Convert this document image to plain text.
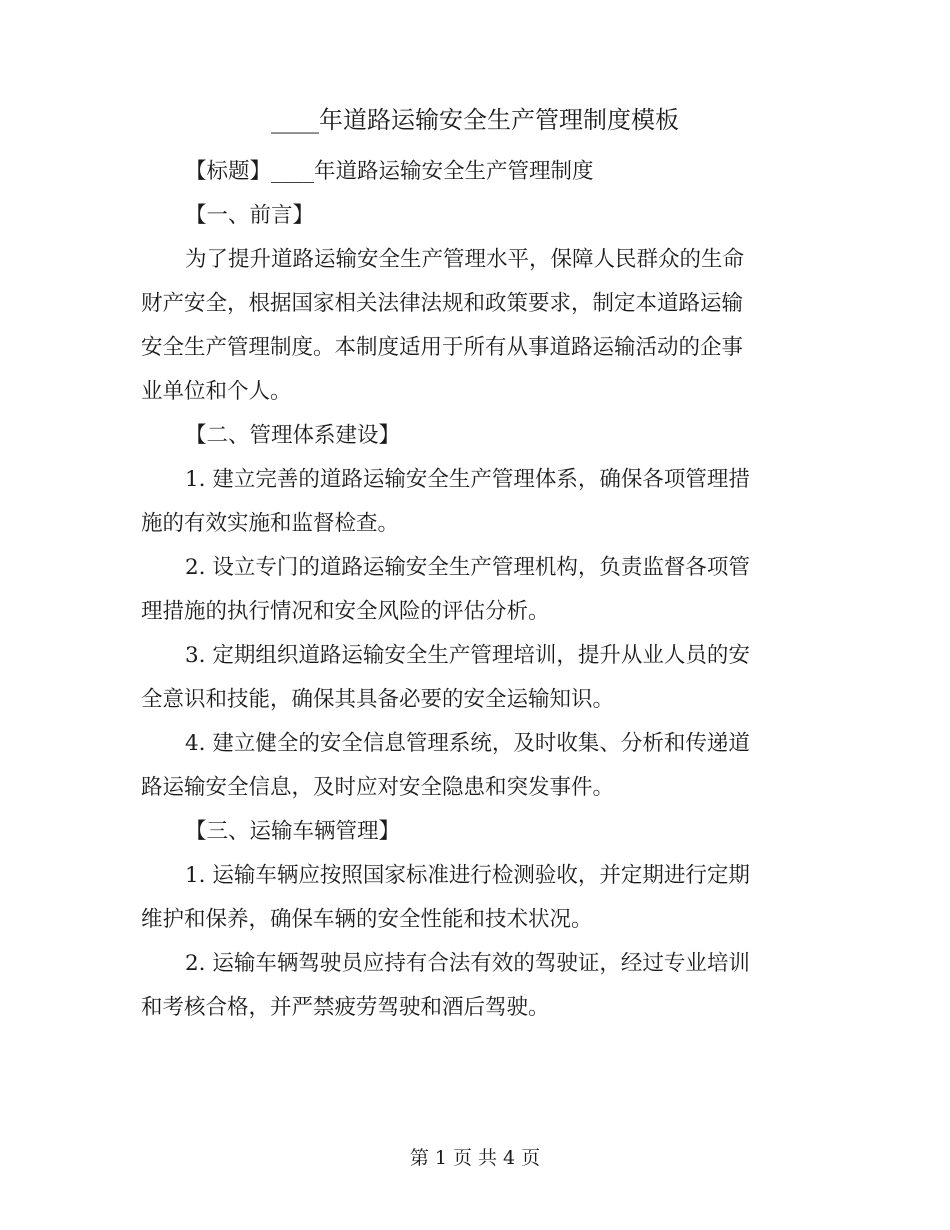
____年道路运输安全生产管理制度模板
【标题】____年道路运输安全生产管理制度
【一、前言】
为了提升道路运输安全生产管理水平，保障人民群众的生命
财产安全，根据国家相关法律法规和政策要求，制定本道路运输
安全生产管理制度。本制度适用于所有从事道路运输活动的企事
业单位和个人。
【二、管理体系建设】
1. 建立完善的道路运输安全生产管理体系，确保各项管理措
施的有效实施和监督检查。
2. 设立专门的道路运输安全生产管理机构，负责监督各项管
理措施的执行情况和安全风险的评估分析。
3. 定期组织道路运输安全生产管理培训，提升从业人员的安
全意识和技能，确保其具备必要的安全运输知识。
4. 建立健全的安全信息管理系统，及时收集、分析和传递道
路运输安全信息，及时应对安全隐患和突发事件。
【三、运输车辆管理】
1. 运输车辆应按照国家标准进行检测验收，并定期进行定期
维护和保养，确保车辆的安全性能和技术状况。
2. 运输车辆驾驶员应持有合法有效的驾驶证，经过专业培训
和考核合格，并严禁疲劳驾驶和酒后驾驶。
第 1 页 共 4 页
